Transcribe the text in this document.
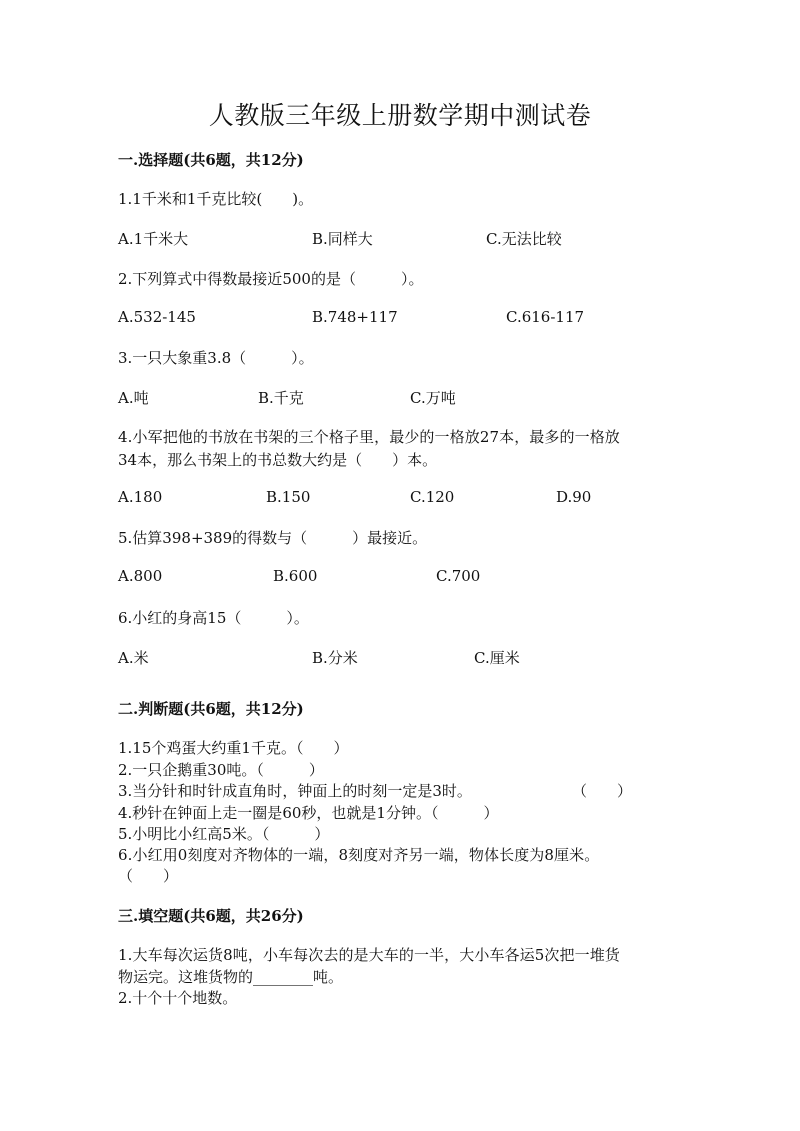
人教版三年级上册数学期中测试卷
一.选择题(共6题，共12分)
1.1千米和1千克比较(　　)。
A.1千米大	B.同样大	C.无法比较
2.下列算式中得数最接近500的是（　　　）。
A.532-145	B.748+117	C.616-117
3.一只大象重3.8（　　　）。
A.吨	B.千克	C.万吨
4.小军把他的书放在书架的三个格子里，最少的一格放27本，最多的一格放
34本，那么书架上的书总数大约是（　　）本。
A.180	B.150	C.120	D.90
5.估算398+389的得数与（　　　）最接近。
A.800	B.600	C.700
6.小红的身高15（　　　）。
A.米	B.分米	C.厘米
二.判断题(共6题，共12分)
1.15个鸡蛋大约重1千克。（　　）
2.一只企鹅重30吨。（　　　）
3.当分针和时针成直角时，钟面上的时刻一定是3时。	（　　）
4.秒针在钟面上走一圈是60秒，也就是1分钟。（　　　）
5.小明比小红高5米。（　　　）
6.小红用0刻度对齐物体的一端，8刻度对齐另一端，物体长度为8厘米。
（　　）
三.填空题(共6题，共26分)
1.大车每次运货8吨，小车每次去的是大车的一半，大小车各运5次把一堆货
物运完。这堆货物的________吨。
2.十个十个地数。
